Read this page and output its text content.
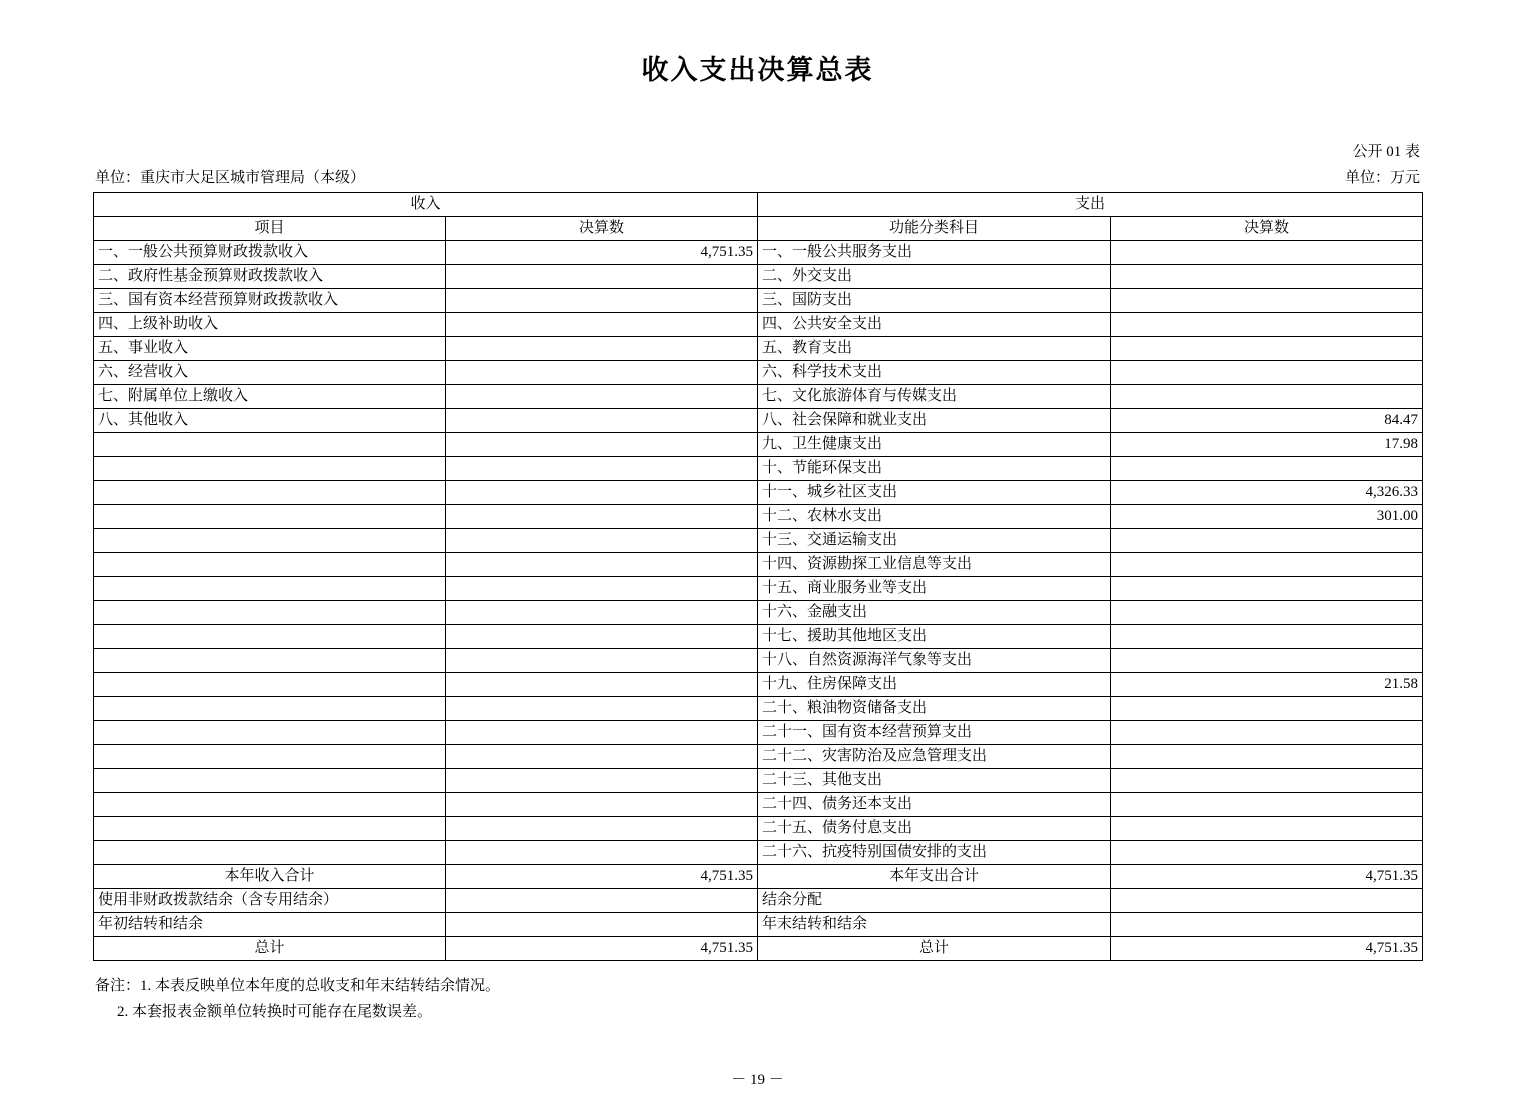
收入支出决算总表
公开 01 表
单位：重庆市大足区城市管理局（本级）	单位：万元
收入		支出	
项目	决算数	功能分类科目	决算数
一、一般公共预算财政拨款收入	4,751.35	一、一般公共服务支出	
二、政府性基金预算财政拨款收入		二、外交支出	
三、国有资本经营预算财政拨款收入		三、国防支出	
四、上级补助收入		四、公共安全支出	
五、事业收入		五、教育支出	
六、经营收入		六、科学技术支出	
七、附属单位上缴收入		七、文化旅游体育与传媒支出	
八、其他收入		八、社会保障和就业支出	84.47
		九、卫生健康支出	17.98
		十、节能环保支出	
		十一、城乡社区支出	4,326.33
		十二、农林水支出	301.00
		十三、交通运输支出	
		十四、资源勘探工业信息等支出	
		十五、商业服务业等支出	
		十六、金融支出	
		十七、援助其他地区支出	
		十八、自然资源海洋气象等支出	
		十九、住房保障支出	21.58
		二十、粮油物资储备支出	
		二十一、国有资本经营预算支出	
		二十二、灾害防治及应急管理支出	
		二十三、其他支出	
		二十四、债务还本支出	
		二十五、债务付息支出	
		二十六、抗疫特别国债安排的支出	
本年收入合计	4,751.35	本年支出合计	4,751.35
使用非财政拨款结余（含专用结余）		结余分配	
年初结转和结余		年末结转和结余	
总计	4,751.35	总计	4,751.35
备注：1. 本表反映单位本年度的总收支和年末结转结余情况。
2. 本套报表金额单位转换时可能存在尾数误差。
－ 19 －
